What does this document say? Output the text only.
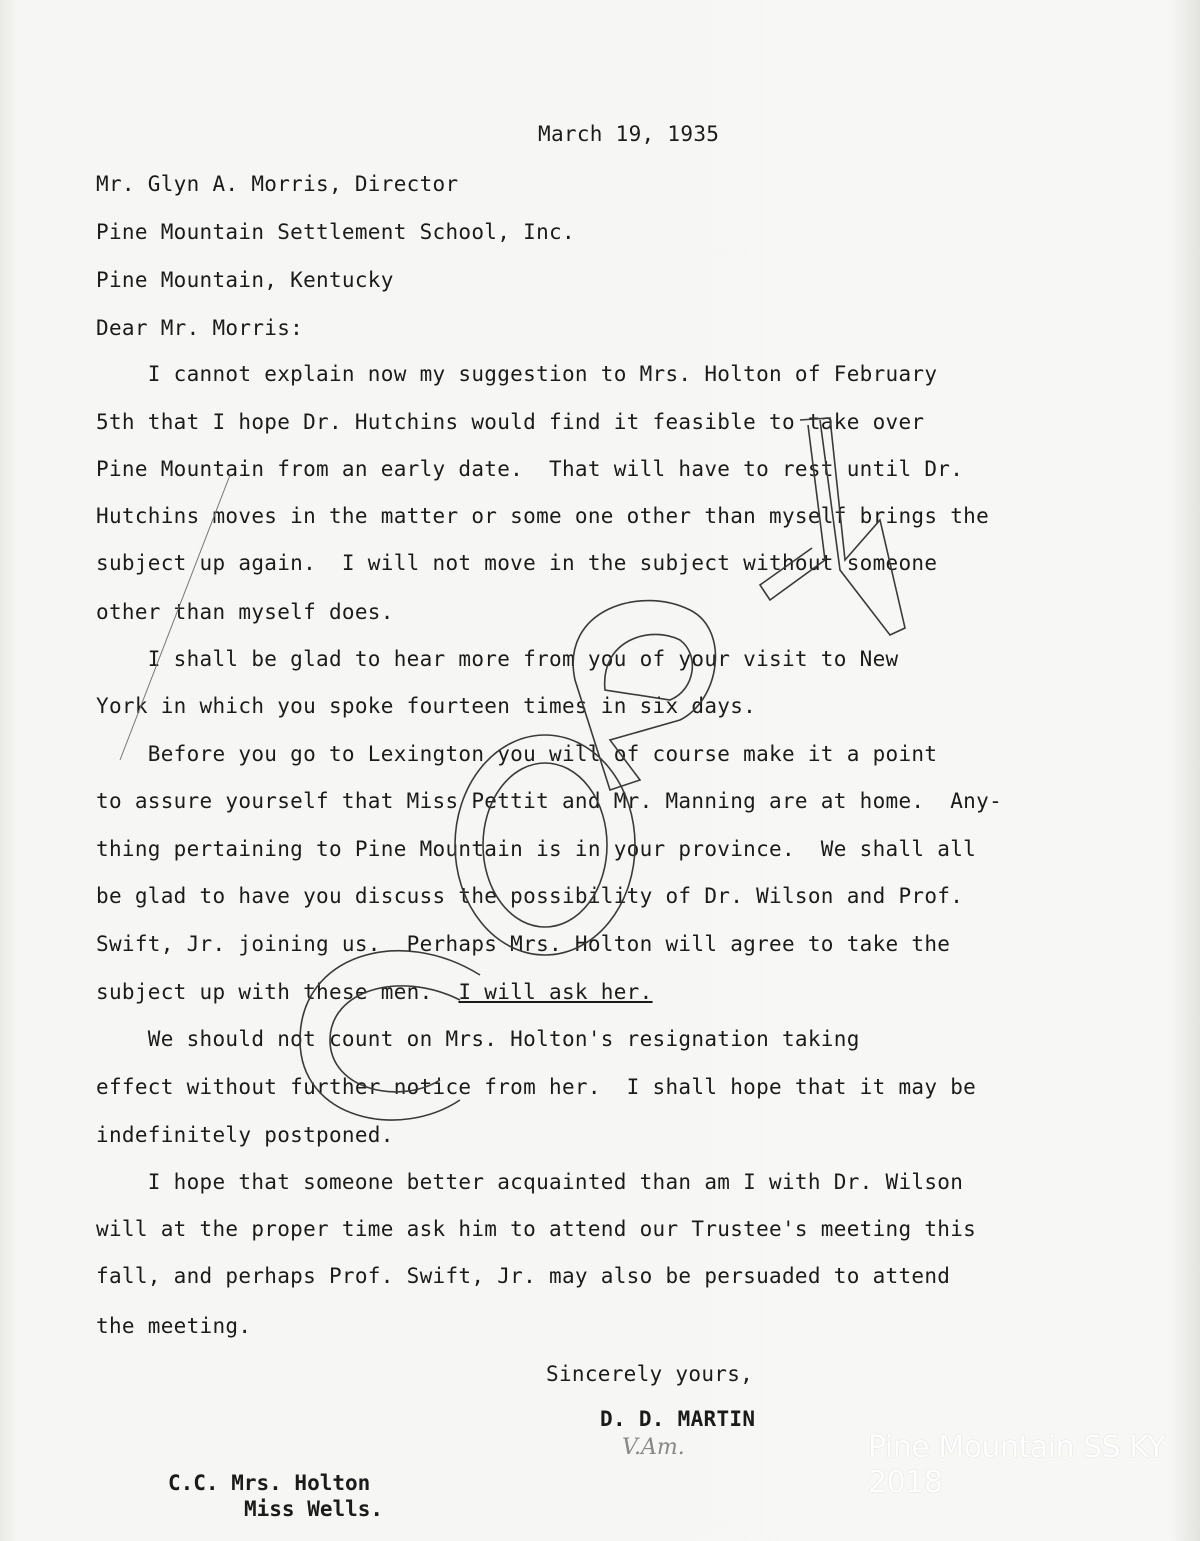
March 19, 1935
Mr. Glyn A. Morris, Director
Pine Mountain Settlement School, Inc.
Pine Mountain, Kentucky
Dear Mr. Morris:
I cannot explain now my suggestion to Mrs. Holton of February
5th that I hope Dr. Hutchins would find it feasible to take over
Pine Mountain from an early date.  That will have to rest until Dr.
Hutchins moves in the matter or some one other than myself brings the
subject up again.  I will not move in the subject without someone
other than myself does.
I shall be glad to hear more from you of your visit to New
York in which you spoke fourteen times in six days.
Before you go to Lexington you will of course make it a point
to assure yourself that Miss Pettit and Mr. Manning are at home.  Any-
thing pertaining to Pine Mountain is in your province.  We shall all
be glad to have you discuss the possibility of Dr. Wilson and Prof.
Swift, Jr. joining us.  Perhaps Mrs. Holton will agree to take the
subject up with these men. I will ask her.
We should not count on Mrs. Holton's resignation taking
effect without further notice from her.  I shall hope that it may be
indefinitely postponed.
I hope that someone better acquainted than am I with Dr. Wilson
will at the proper time ask him to attend our Trustee's meeting this
fall, and perhaps Prof. Swift, Jr. may also be persuaded to attend
the meeting.
Sincerely yours,
D. D. MARTIN
V.Am.
C.C. Mrs. Holton
Miss Wells.
Pine Mountain SS KY 2018
